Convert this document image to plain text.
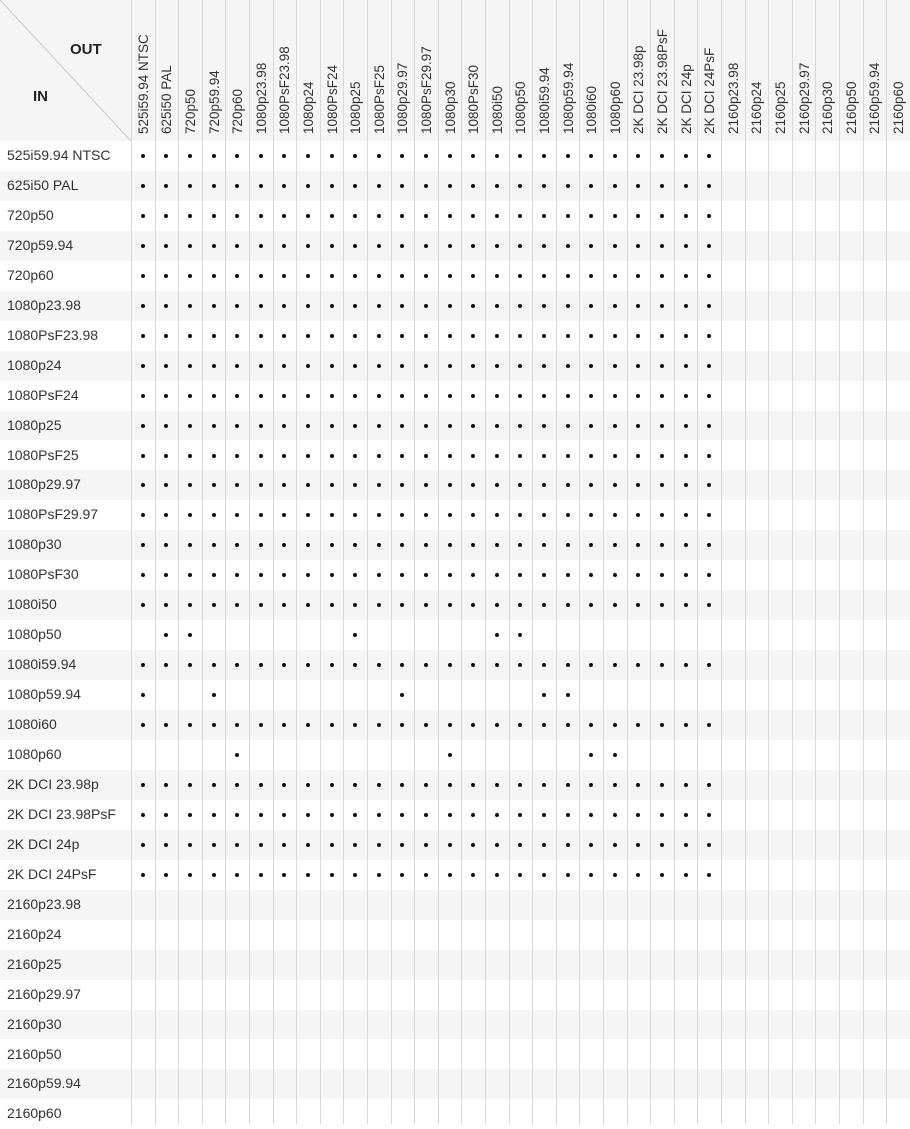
OUT
IN	525i59.94 NTSC 625i50 PAL 720p50 720p59.94 720p60 1080p23.98 1080PsF23.98 1080p24 1080PsF24 1080p25 1080PsF25 1080p29.97 1080PsF29.97 1080p30 1080PsF30 1080i50 1080p50 1080i59.94 1080p59.94 1080i60 1080p60 2K DCI 23.98p 2K DCI 23.98PsF 2K DCI 24p 2K DCI 24PsF 2160p23.98 2160p24 2160p25 2160p29.97 2160p30 2160p50 2160p59.94 2160p60
525i59.94 NTSC
625i50 PAL
720p50
720p59.94
720p60
1080p23.98
1080PsF23.98
1080p24
1080PsF24
1080p25
1080PsF25
1080p29.97
1080PsF29.97
1080p30
1080PsF30
1080i50
1080p50
1080i59.94
1080p59.94
1080i60
1080p60
2K DCI 23.98p
2K DCI 23.98PsF
2K DCI 24p
2K DCI 24PsF
2160p23.98
2160p24
2160p25
2160p29.97
2160p30
2160p50
2160p59.94
2160p60
